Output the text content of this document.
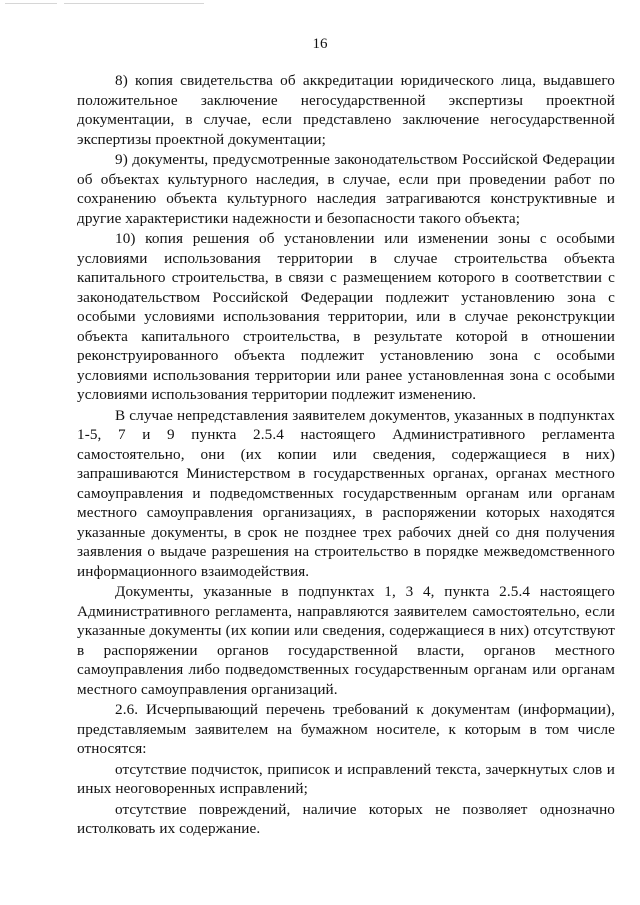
16

8) копия свидетельства об аккредитации юридического лица, выдавшего положительное заключение негосударственной экспертизы проектной документации, в случае, если представлено заключение негосударственной экспертизы проектной документации;

9) документы, предусмотренные законодательством Российской Федерации об объектах культурного наследия, в случае, если при проведении работ по сохранению объекта культурного наследия затрагиваются конструктивные и другие характеристики надежности и безопасности такого объекта;

10) копия решения об установлении или изменении зоны с особыми условиями использования территории в случае строительства объекта капитального строительства, в связи с размещением которого в соответствии с законодательством Российской Федерации подлежит установлению зона с особыми условиями использования территории, или в случае реконструкции объекта капитального строительства, в результате которой в отношении реконструированного объекта подлежит установлению зона с особыми условиями использования территории или ранее установленная зона с особыми условиями использования территории подлежит изменению.

В случае непредставления заявителем документов, указанных в подпунктах 1-5, 7 и 9 пункта 2.5.4 настоящего Административного регламента самостоятельно, они (их копии или сведения, содержащиеся в них) запрашиваются Министерством в государственных органах, органах местного самоуправления и подведомственных государственным органам или органам местного самоуправления организациях, в распоряжении которых находятся указанные документы, в срок не позднее трех рабочих дней со дня получения заявления о выдаче разрешения на строительство в порядке межведомственного информационного взаимодействия.

Документы, указанные в подпунктах 1, 3 4, пункта 2.5.4 настоящего Административного регламента, направляются заявителем самостоятельно, если указанные документы (их копии или сведения, содержащиеся в них) отсутствуют в распоряжении органов государственной власти, органов местного самоуправления либо подведомственных государственным органам или органам местного самоуправления организаций.

2.6. Исчерпывающий перечень требований к документам (информации), представляемым заявителем на бумажном носителе, к которым в том числе относятся:

отсутствие подчисток, приписок и исправлений текста, зачеркнутых слов и иных неоговоренных исправлений;

отсутствие повреждений, наличие которых не позволяет однозначно истолковать их содержание.
